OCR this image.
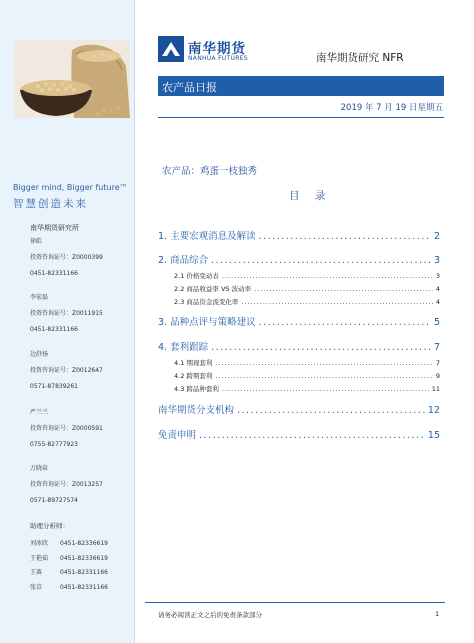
Bigger mind, Bigger future™
智慧创造未来
南华期货研究所
徐皓
投资咨询证号：Z0000399
0451-82331166
李宏磊
投资咨询证号：Z0011915
0451-82331166
边舒扬
投资咨询证号：Z0012647
0571-87839261
严兰兰
投资咨询证号：Z0000591
0755-82777923
万晓泉
投资咨询证号：Z0013257
0571-89727574
助理分析师：
刘冰欣 0451-82336619
王艳茹 0451-82336619
王赛	0451-82331166
张京	0451-82331166
南华期货
NANHUA FUTURES	南华期货研究 NFR
农产品日报
2019 年 7 月 19 日星期五
农产品：鸡蛋一枝独秀
目 录
1. 主要宏观消息及解读 .....	2
2. 商品综合 .....	3
2.1 价格变动表 .....	3
2.2 商品收益率 VS 波动率 .....	4
2.3 商品资金流变化率 .....	4
3. 品种点评与策略建议 .....	5
4. 套利跟踪 .....	7
4.1 期现套利 .....	7
4.2 跨期套利 .....	9
4.3 跨品种套利 .....	11
南华期货分支机构 .....	12
免责申明 .....	15
请务必阅读正文之后的免责条款部分	1
